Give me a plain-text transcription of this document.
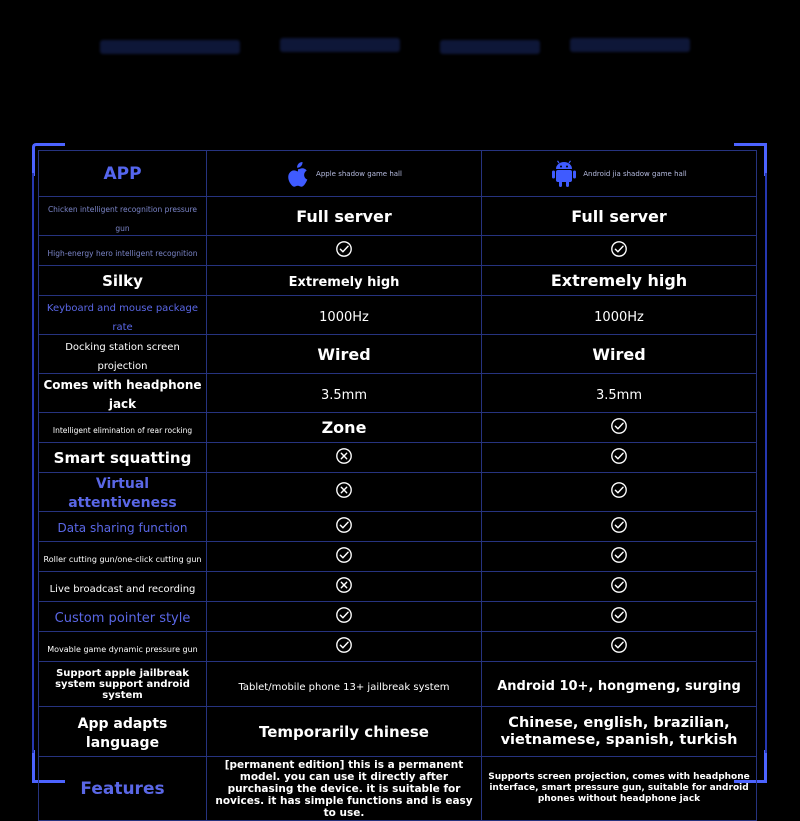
APP	Apple shadow game hall	Android jia shadow game hall

Chicken intelligent recognition pressure gun	Full server	Full server
High-energy hero intelligent recognition		
Silky	Extremely high	Extremely high
Keyboard and mouse package rate	1000Hz	1000Hz
Docking station screen projection	Wired	Wired
Comes with headphone jack	3.5mm	3.5mm
Intelligent elimination of rear rocking	Zone	
Smart squatting		
Virtual attentiveness		
Data sharing function		
Roller cutting gun/one-click cutting gun		
Live broadcast and recording		
Custom pointer style		
Movable game dynamic pressure gun		

Support apple jailbreak system support android system	Tablet/mobile phone 13+ jailbreak system	Android 10+, hongmeng, surging
App adapts language	Temporarily chinese	Chinese, english, brazilian, vietnamese, spanish, turkish

Features	[permanent edition] this is a permanent model. you can use it directly after purchasing the device. it is suitable for novices. it has simple functions and is easy to use.	Supports screen projection, comes with headphone interface, smart pressure gun, suitable for android phones without headphone jack
